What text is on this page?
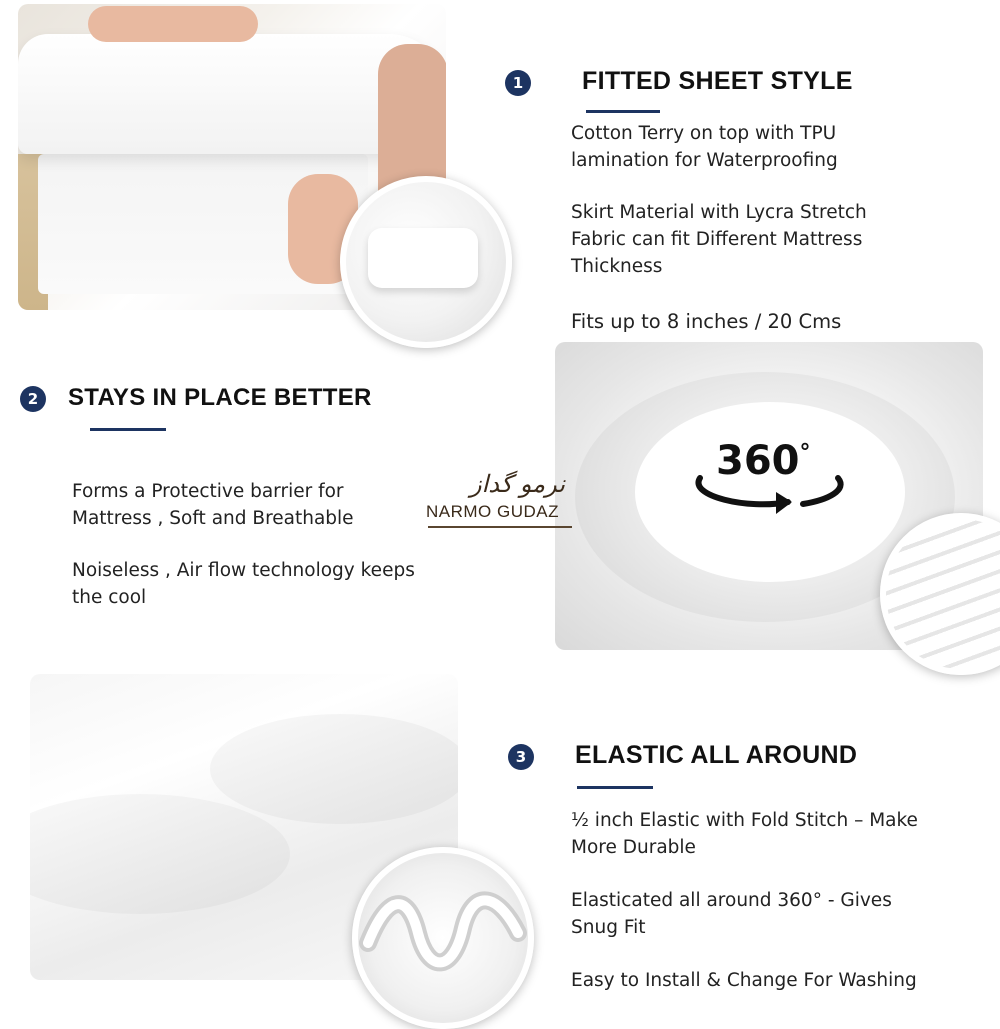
1	FITTED SHEET STYLE
Cotton Terry on top with TPU
lamination for Waterproofing
Skirt Material with Lycra Stretch
Fabric can fit Different Mattress
Thickness
Fits up to 8 inches / 20 Cms
360°
2	STAYS IN PLACE BETTER
Forms a Protective barrier for
Mattress , Soft and Breathable
Noiseless , Air flow technology keeps
the cool
نرمو گداز
NARMO GUDAZ
3	ELASTIC ALL AROUND
½ inch Elastic with Fold Stitch – Make
More Durable
Elasticated all around 360° - Gives
Snug Fit
Easy to Install & Change For Washing
